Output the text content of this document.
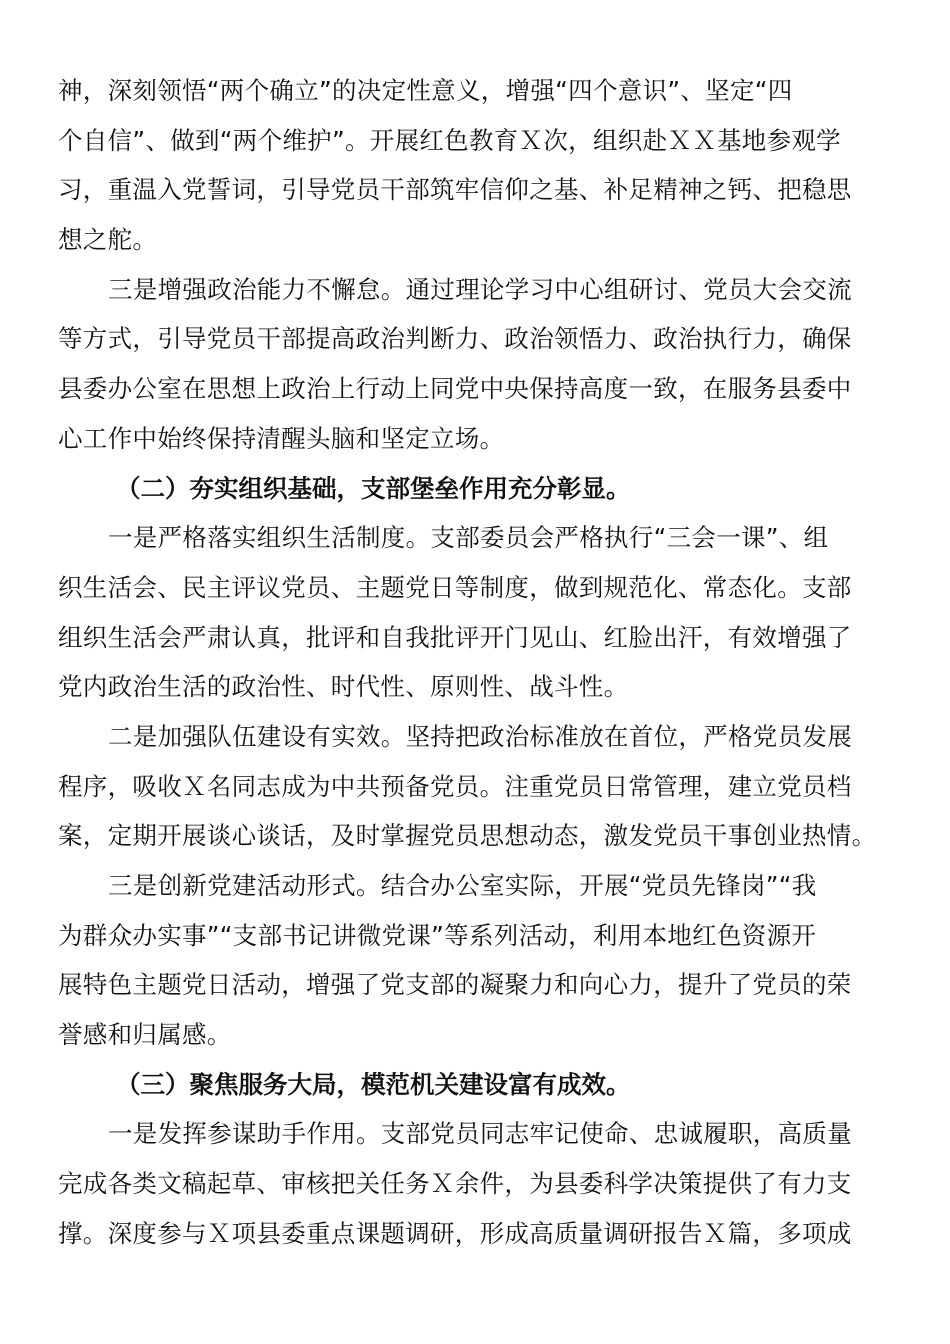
神，深刻领悟“两个确立”的决定性意义，增强“四个意识”、坚定“四
个自信”、做到“两个维护”。开展红色教育Ｘ次，组织赴ＸＸ基地参观学
习，重温入党誓词，引导党员干部筑牢信仰之基、补足精神之钙、把稳思
想之舵。
三是增强政治能力不懈怠。通过理论学习中心组研讨、党员大会交流
等方式，引导党员干部提高政治判断力、政治领悟力、政治执行力，确保
县委办公室在思想上政治上行动上同党中央保持高度一致，在服务县委中
心工作中始终保持清醒头脑和坚定立场。
（二）夯实组织基础，支部堡垒作用充分彰显。
一是严格落实组织生活制度。支部委员会严格执行“三会一课”、组
织生活会、民主评议党员、主题党日等制度，做到规范化、常态化。支部
组织生活会严肃认真，批评和自我批评开门见山、红脸出汗，有效增强了
党内政治生活的政治性、时代性、原则性、战斗性。
二是加强队伍建设有实效。坚持把政治标准放在首位，严格党员发展
程序，吸收Ｘ名同志成为中共预备党员。注重党员日常管理，建立党员档
案，定期开展谈心谈话，及时掌握党员思想动态，激发党员干事创业热情。
三是创新党建活动形式。结合办公室实际，开展“党员先锋岗”“我
为群众办实事”“支部书记讲微党课”等系列活动，利用本地红色资源开
展特色主题党日活动，增强了党支部的凝聚力和向心力，提升了党员的荣
誉感和归属感。
（三）聚焦服务大局，模范机关建设富有成效。
一是发挥参谋助手作用。支部党员同志牢记使命、忠诚履职，高质量
完成各类文稿起草、审核把关任务Ｘ余件，为县委科学决策提供了有力支
撑。深度参与Ｘ项县委重点课题调研，形成高质量调研报告Ｘ篇，多项成
